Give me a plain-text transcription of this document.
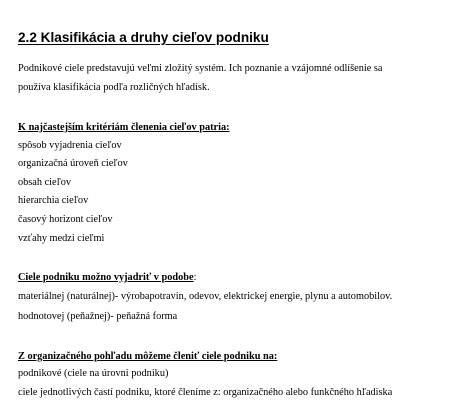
2.2 Klasifikácia a druhy cieľov podniku

Podnikové ciele predstavujú veľmi zložitý systém. Ich poznanie a vzájomné odlíšenie sa

používa klasifikácia podľa rozličných hľadísk.

K najčastejším kritériám členenia cieľov patria:

spôsob vyjadrenia cieľov

organizačná úroveň cieľov

obsah cieľov

hierarchia cieľov

časový horizont cieľov

vzťahy medzi cieľmi

Ciele podniku možno vyjadriť v podobe:

materiálnej (naturálnej)- výrobapotravín, odevov, elektrickej energie, plynu a automobilov.

hodnotovej (peňažnej)- peňažná forma

Z organizačného pohľadu môžeme členiť ciele podniku na:

podnikové (ciele na úrovni podniku)

ciele jednotlivých častí podniku, ktoré členíme z: organizačného alebo funkčného hľadiska
